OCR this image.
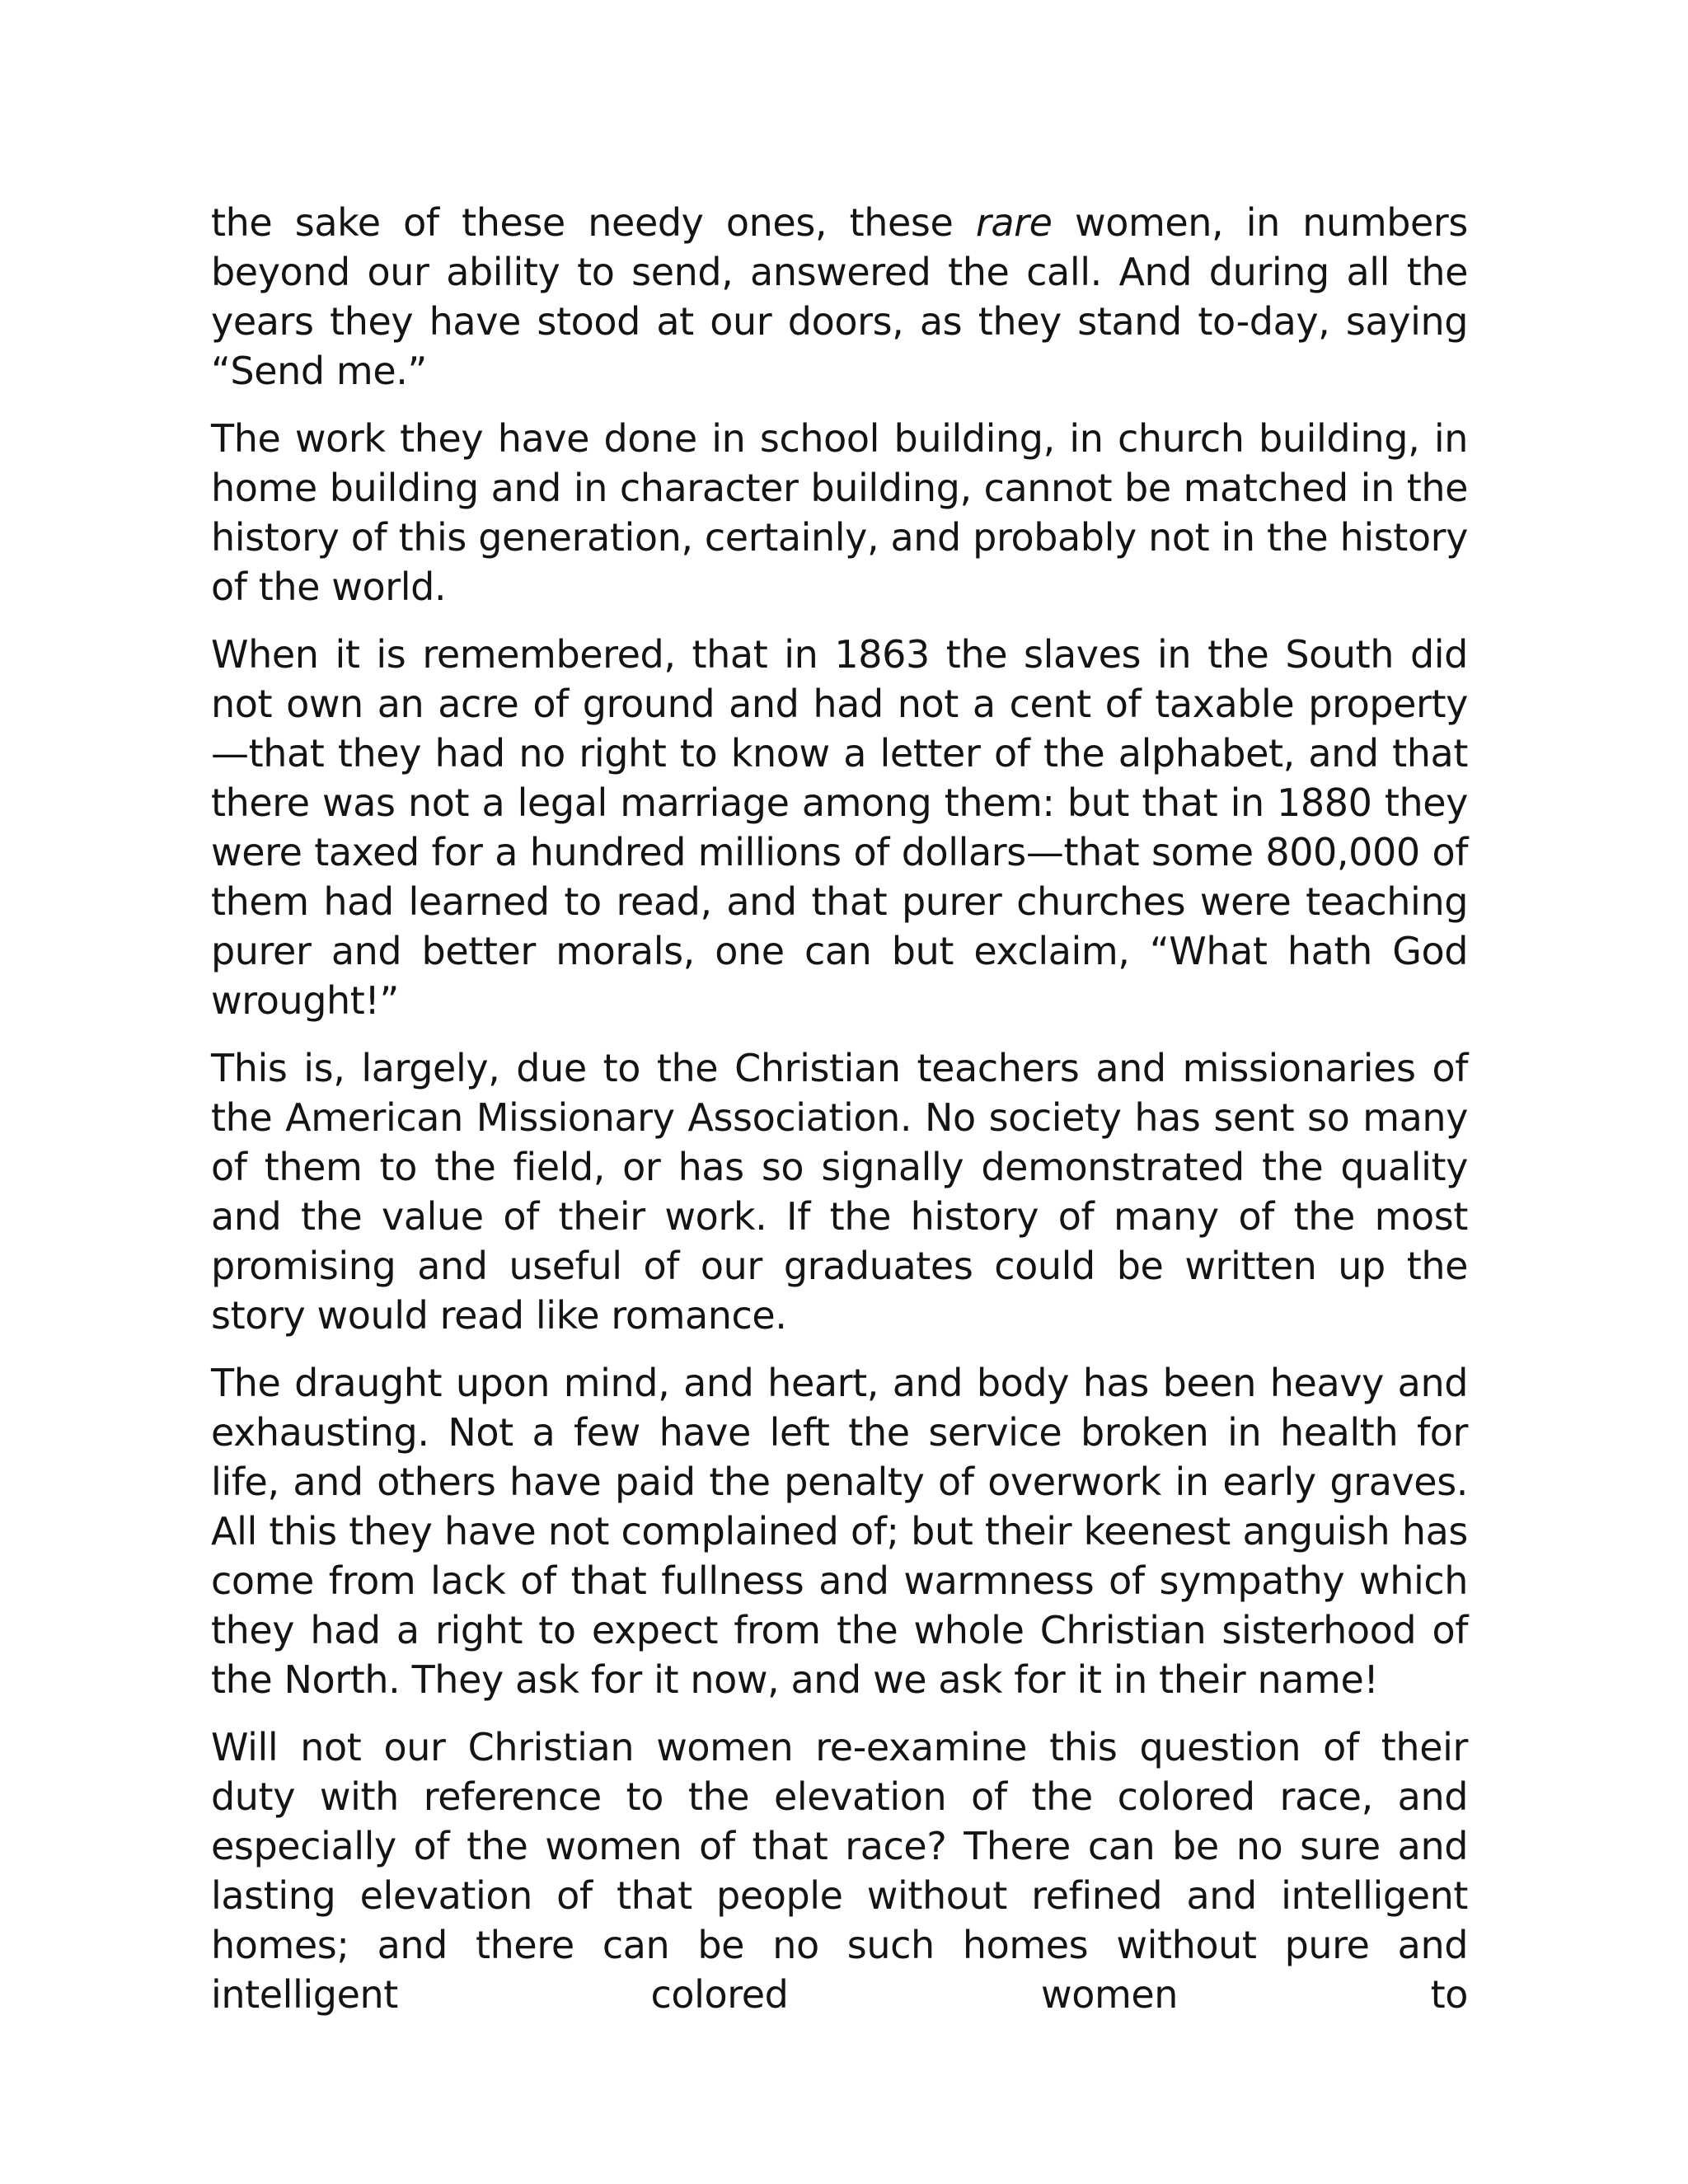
the sake of these needy ones, these rare women, in numbers beyond our ability to send, answered the call. And during all the years they have stood at our doors, as they stand to-day, saying “Send me.”

The work they have done in school building, in church building, in home building and in character building, cannot be matched in the history of this generation, certainly, and probably not in the history of the world.

When it is remembered, that in 1863 the slaves in the South did not own an acre of ground and had not a cent of taxable property—that they had no right to know a letter of the alphabet, and that there was not a legal marriage among them: but that in 1880 they were taxed for a hundred millions of dollars—that some 800,000 of them had learned to read, and that purer churches were teaching purer and better morals, one can but exclaim, “What hath God wrought!”

This is, largely, due to the Christian teachers and missionaries of the American Missionary Association. No society has sent so many of them to the field, or has so signally demonstrated the quality and the value of their work. If the history of many of the most promising and useful of our graduates could be written up the story would read like romance.

The draught upon mind, and heart, and body has been heavy and exhausting. Not a few have left the service broken in health for life, and others have paid the penalty of overwork in early graves. All this they have not complained of; but their keenest anguish has come from lack of that fullness and warmness of sympathy which they had a right to expect from the whole Christian sisterhood of the North. They ask for it now, and we ask for it in their name!

Will not our Christian women re-examine this question of their duty with reference to the elevation of the colored race, and especially of the women of that race? There can be no sure and lasting elevation of that people without refined and intelligent homes; and there can be no such homes without pure and intelligent colored women to
